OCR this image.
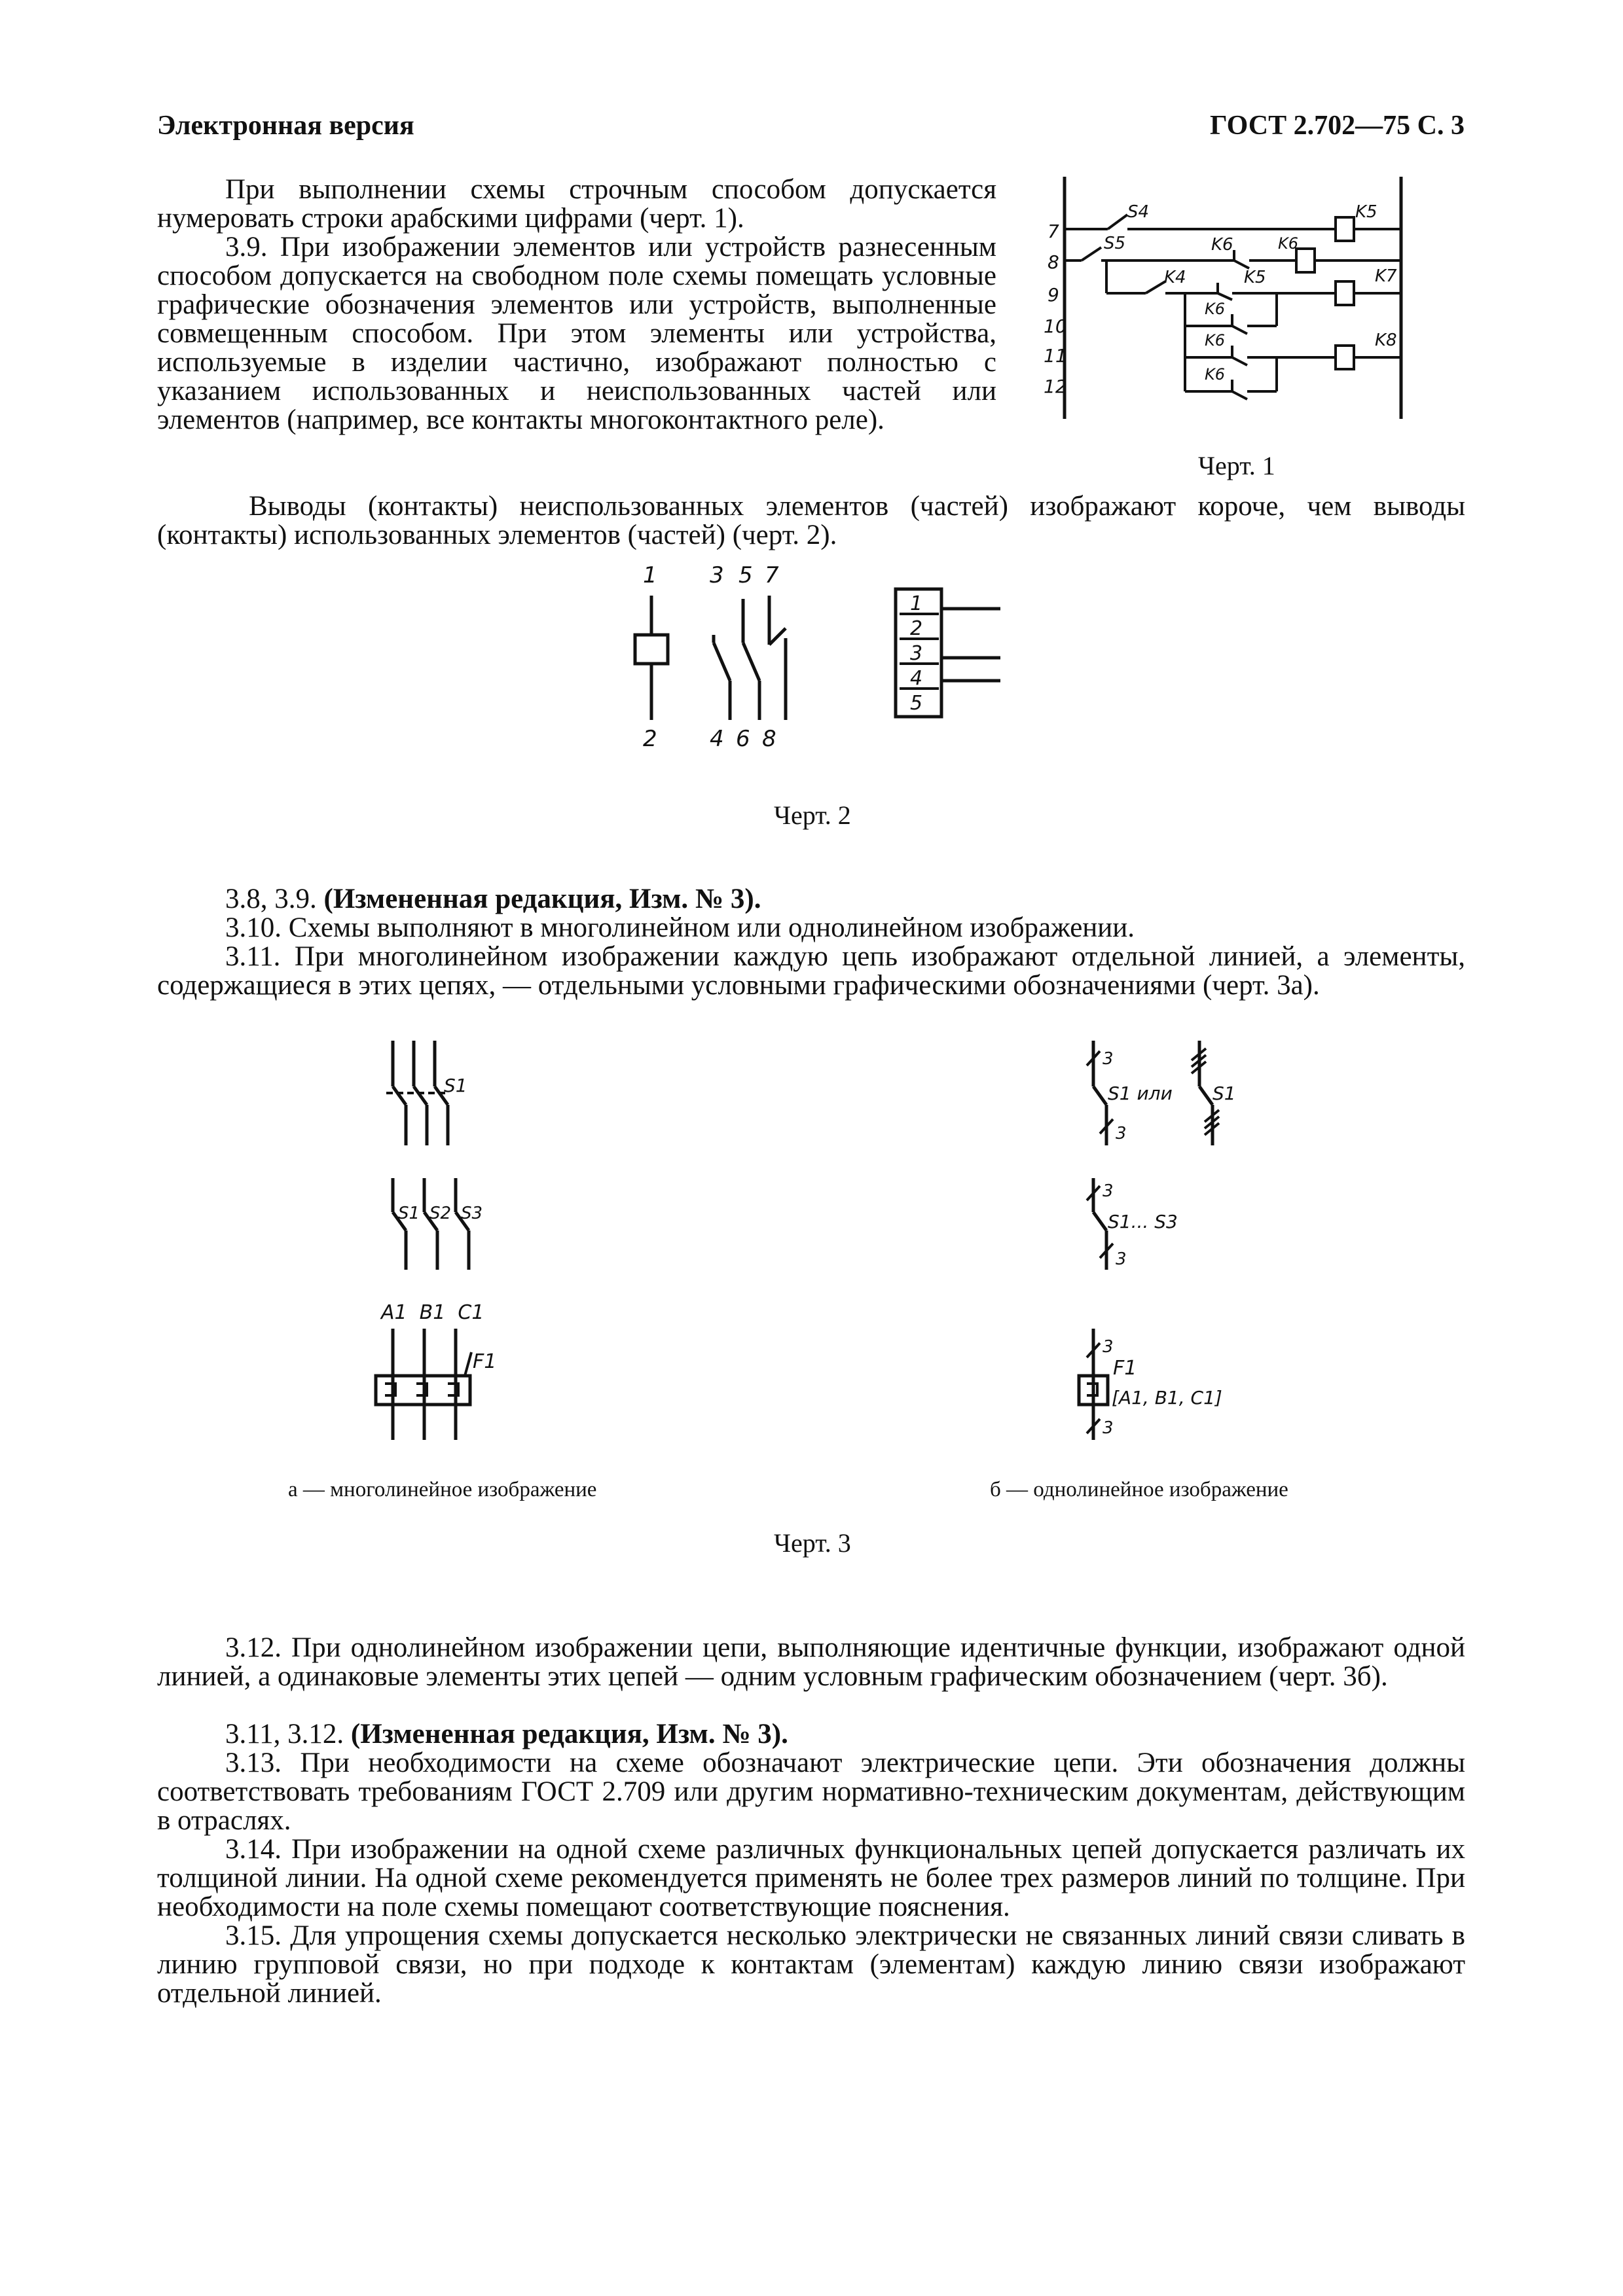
Электронная версия	ГОСТ 2.702—75 С. 3
При выполнении схемы строчным способом допускается нумеровать строки арабскими цифрами (черт. 1).
3.9. При изображении элементов или устройств разнесенным способом допускается на свободном поле схемы помещать условные графические обозначения элементов или устройств, выполненные совмещенным способом. При этом элементы или устройства, используемые в изделии частично, изображают полностью с указанием использованных и неиспользованных частей или элементов (например, все контакты многоконтактного реле).
Выводы (контакты) неиспользованных элементов (частей) изображают короче, чем выводы (контакты) использованных элементов (частей) (черт. 2).
7
8
9
10
11
12
S4	K5
S5	K6
K4	K5	K7
K6
K6	K8
K6
K6
Черт. 1
1 3 5 7
2 4 6 8
1
2
3
4
5
Черт. 2
3.8, 3.9. (Измененная редакция, Изм. № 3).
3.10. Схемы выполняют в многолинейном или однолинейном изображении.
3.11. При многолинейном изображении каждую цепь изображают отдельной линией, а элементы, содержащиеся в этих цепях, — отдельными условными графическими обозначениями (черт. 3а).
S1
S1 S2 S3
A1  B1  C1
F1
а — многолинейное изображение
3
S1 или
3
S1
3
S1... S3
3
3
F1
[A1, B1, C1]
3
б — однолинейное изображение
Черт. 3
3.12. При однолинейном изображении цепи, выполняющие идентичные функции, изображают одной линией, а одинаковые элементы этих цепей — одним условным графическим обозначением (черт. 3б).
3.11, 3.12. (Измененная редакция, Изм. № 3).
3.13. При необходимости на схеме обозначают электрические цепи. Эти обозначения должны соответствовать требованиям ГОСТ 2.709 или другим нормативно-техническим документам, действующим в отраслях.
3.14. При изображении на одной схеме различных функциональных цепей допускается различать их толщиной линии. На одной схеме рекомендуется применять не более трех размеров линий по толщине. При необходимости на поле схемы помещают соответствующие пояснения.
3.15. Для упрощения схемы допускается несколько электрически не связанных линий связи сливать в линию групповой связи, но при подходе к контактам (элементам) каждую линию связи изображают отдельной линией.
